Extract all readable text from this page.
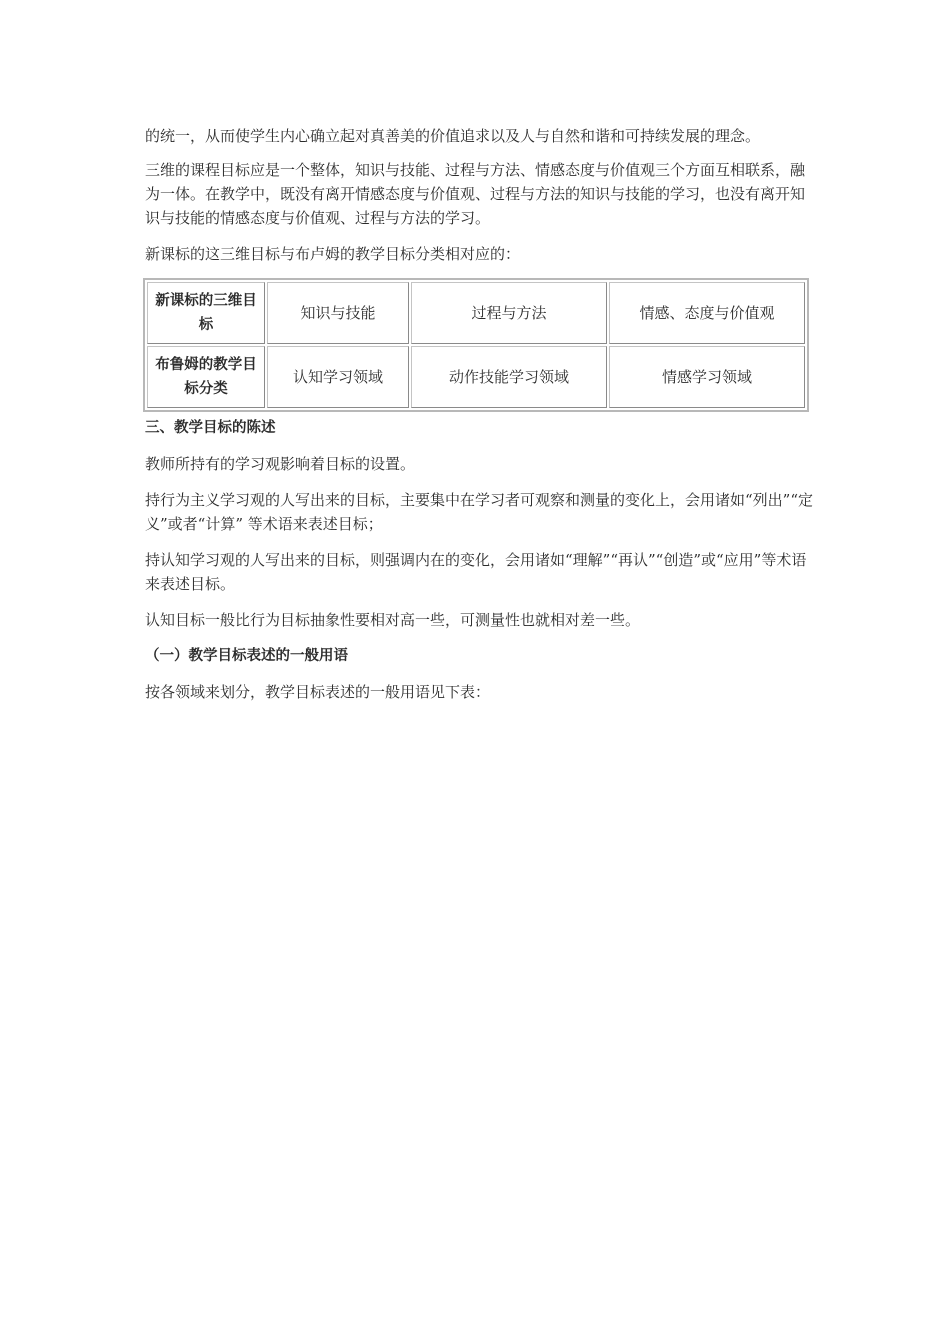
的统一，从而使学生内心确立起对真善美的价值追求以及人与自然和谐和可持续发展的理念。

三维的课程目标应是一个整体，知识与技能、过程与方法、情感态度与价值观三个方面互相联系，融为一体。在教学中，既没有离开情感态度与价值观、过程与方法的知识与技能的学习，也没有离开知识与技能的情感态度与价值观、过程与方法的学习。

新课标的这三维目标与布卢姆的教学目标分类相对应的：

新课标的三维目标	知识与技能	过程与方法	情感、态度与价值观
布鲁姆的教学目标分类	认知学习领域	动作技能学习领域	情感学习领域

三、教学目标的陈述

教师所持有的学习观影响着目标的设置。

持行为主义学习观的人写出来的目标，主要集中在学习者可观察和测量的变化上，会用诸如“列出”“定义”或者“计算” 等术语来表述目标；

持认知学习观的人写出来的目标，则强调内在的变化，会用诸如“理解”“再认”“创造”或“应用”等术语来表述目标。

认知目标一般比行为目标抽象性要相对高一些，可测量性也就相对差一些。

（一）教学目标表述的一般用语

按各领域来划分，教学目标表述的一般用语见下表：
